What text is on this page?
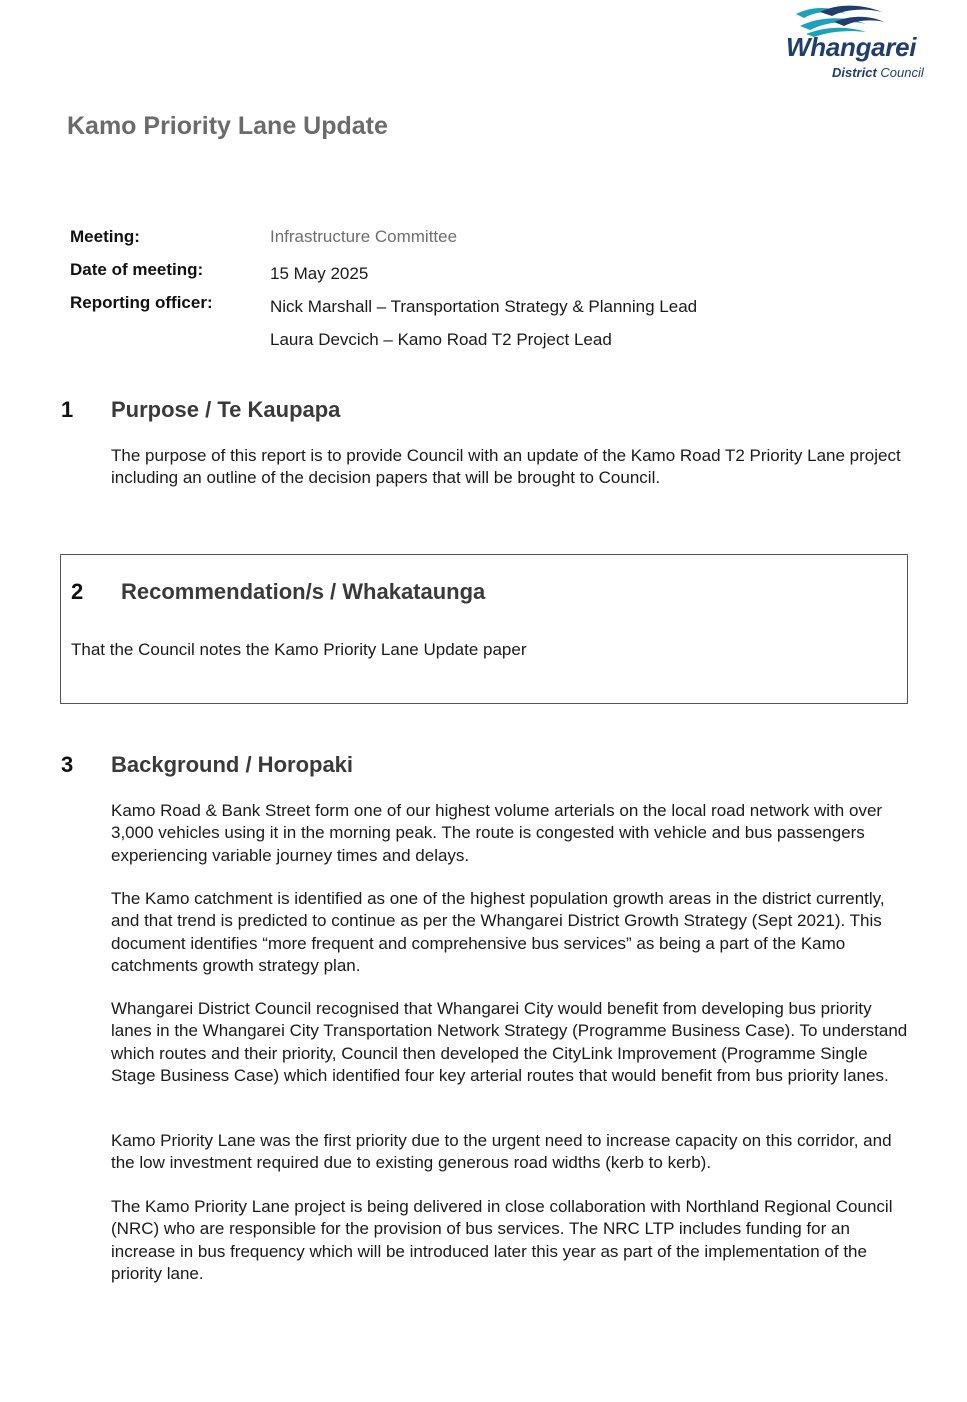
Whangarei
District Council
Kamo Priority Lane Update
Meeting:	Infrastructure Committee
Date of meeting:	15 May 2025
Reporting officer:	Nick Marshall – Transportation Strategy & Planning Lead
Laura Devcich – Kamo Road T2 Project Lead
1 Purpose / Te Kaupapa

The purpose of this report is to provide Council with an update of the Kamo Road T2 Priority Lane project including an outline of the decision papers that will be brought to Council.

2 Recommendation/s / Whakataunga
That the Council notes the Kamo Priority Lane Update paper
3 Background / Horopaki

Kamo Road & Bank Street form one of our highest volume arterials on the local road network with over 3,000 vehicles using it in the morning peak. The route is congested with vehicle and bus passengers experiencing variable journey times and delays.

The Kamo catchment is identified as one of the highest population growth areas in the district currently, and that trend is predicted to continue as per the Whangarei District Growth Strategy (Sept 2021). This document identifies “more frequent and comprehensive bus services” as being a part of the Kamo catchments growth strategy plan.

Whangarei District Council recognised that Whangarei City would benefit from developing bus priority lanes in the Whangarei City Transportation Network Strategy (Programme Business Case). To understand which routes and their priority, Council then developed the CityLink Improvement (Programme Single Stage Business Case) which identified four key arterial routes that would benefit from bus priority lanes.

Kamo Priority Lane was the first priority due to the urgent need to increase capacity on this corridor, and the low investment required due to existing generous road widths (kerb to kerb).

The Kamo Priority Lane project is being delivered in close collaboration with Northland Regional Council (NRC) who are responsible for the provision of bus services. The NRC LTP includes funding for an increase in bus frequency which will be introduced later this year as part of the implementation of the priority lane.
